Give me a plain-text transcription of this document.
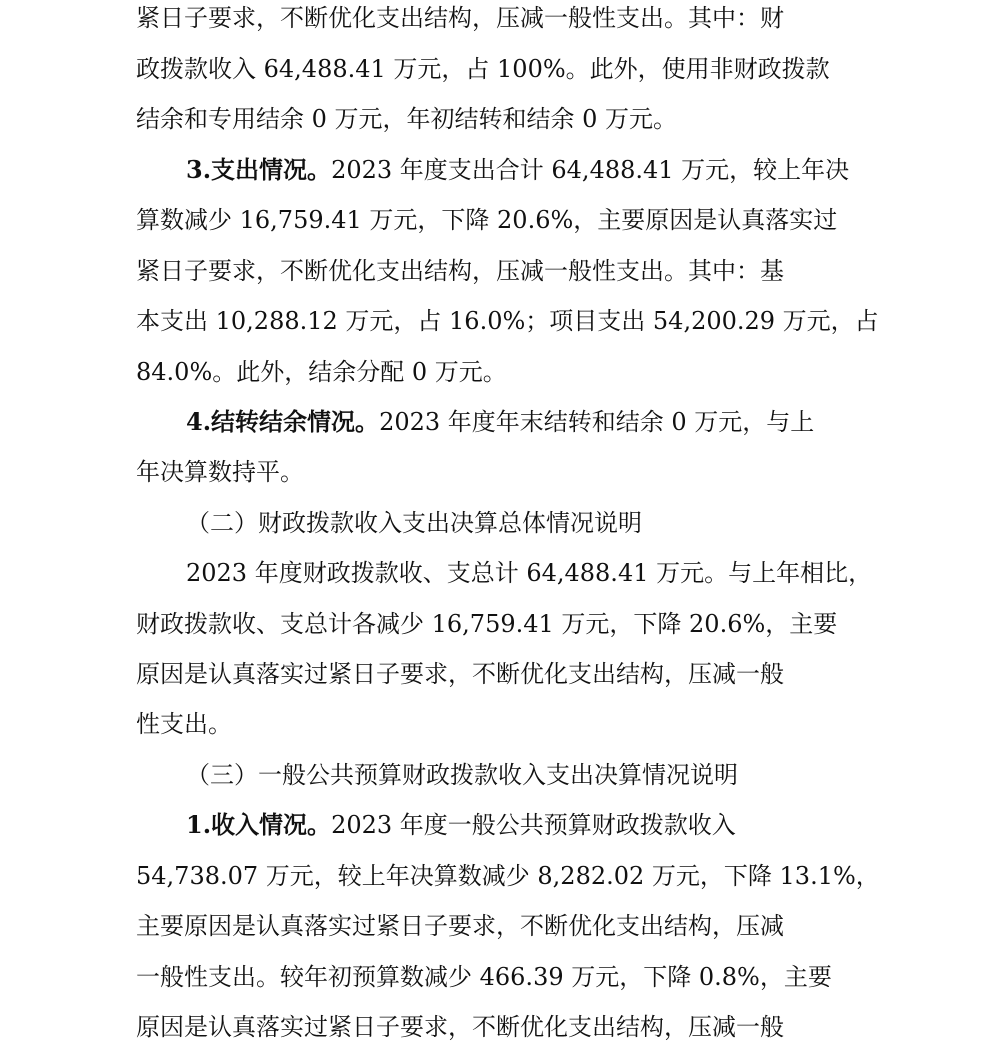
紧日子要求，不断优化支出结构，压减一般性支出。其中：财
政拨款收入 64,488.41 万元，占 100%。此外，使用非财政拨款
结余和专用结余 0 万元，年初结转和结余 0 万元。
3.支出情况。2023 年度支出合计 64,488.41 万元，较上年决
算数减少 16,759.41 万元，下降 20.6%，主要原因是认真落实过
紧日子要求，不断优化支出结构，压减一般性支出。其中：基
本支出 10,288.12 万元，占 16.0%；项目支出 54,200.29 万元，占
84.0%。此外，结余分配 0 万元。
4.结转结余情况。2023 年度年末结转和结余 0 万元，与上
年决算数持平。
（二）财政拨款收入支出决算总体情况说明
2023 年度财政拨款收、支总计 64,488.41 万元。与上年相比，
财政拨款收、支总计各减少 16,759.41 万元，下降 20.6%，主要
原因是认真落实过紧日子要求，不断优化支出结构，压减一般
性支出。
（三）一般公共预算财政拨款收入支出决算情况说明
1.收入情况。2023 年度一般公共预算财政拨款收入
54,738.07 万元，较上年决算数减少 8,282.02 万元，下降 13.1%，
主要原因是认真落实过紧日子要求，不断优化支出结构，压减
一般性支出。较年初预算数减少 466.39 万元，下降 0.8%，主要
原因是认真落实过紧日子要求，不断优化支出结构，压减一般
